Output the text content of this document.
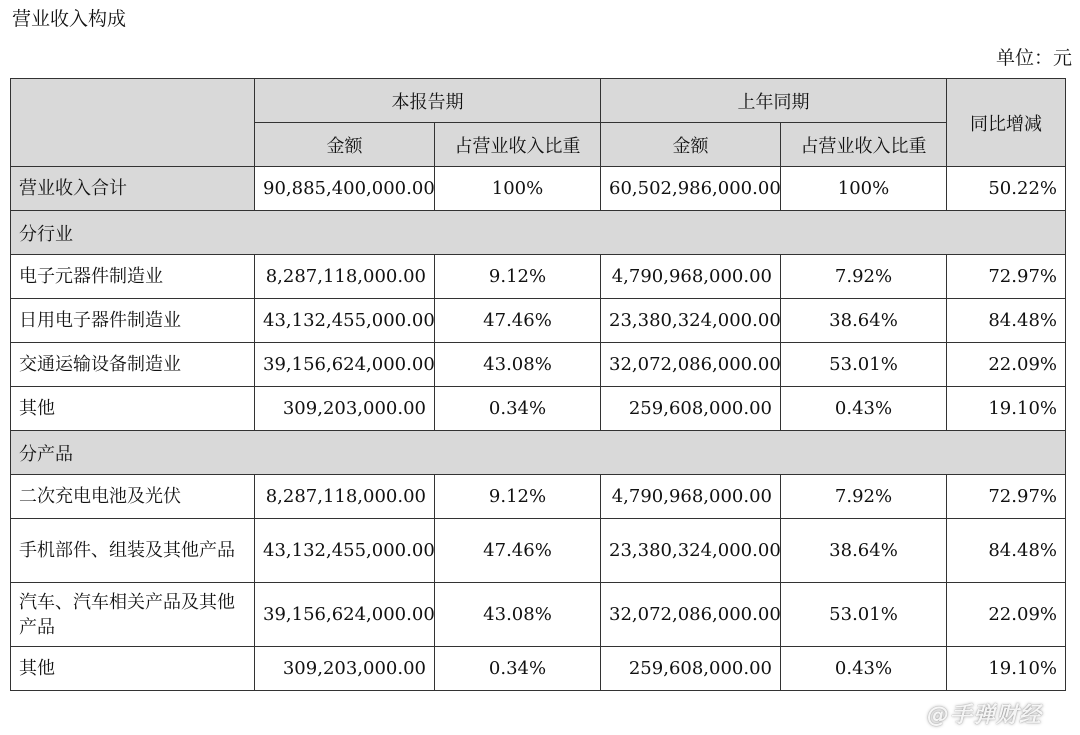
营业收入构成
单位：元
	本报告期		上年同期		同比增减
	金额	占营业收入比重	金额	占营业收入比重	
营业收入合计	90,885,400,000.00	100%	60,502,986,000.00	100%	50.22%
分行业					
电子元器件制造业	8,287,118,000.00	9.12%	4,790,968,000.00	7.92%	72.97%
日用电子器件制造业	43,132,455,000.00	47.46%	23,380,324,000.00	38.64%	84.48%
交通运输设备制造业	39,156,624,000.00	43.08%	32,072,086,000.00	53.01%	22.09%
其他	309,203,000.00	0.34%	259,608,000.00	0.43%	19.10%
分产品					
二次充电电池及光伏	8,287,118,000.00	9.12%	4,790,968,000.00	7.92%	72.97%
手机部件、组装及其他产品	43,132,455,000.00	47.46%	23,380,324,000.00	38.64%	84.48%
汽车、汽车相关产品及其他产品	39,156,624,000.00	43.08%	32,072,086,000.00	53.01%	22.09%
其他	309,203,000.00	0.34%	259,608,000.00	0.43%	19.10%
@手弹财经
